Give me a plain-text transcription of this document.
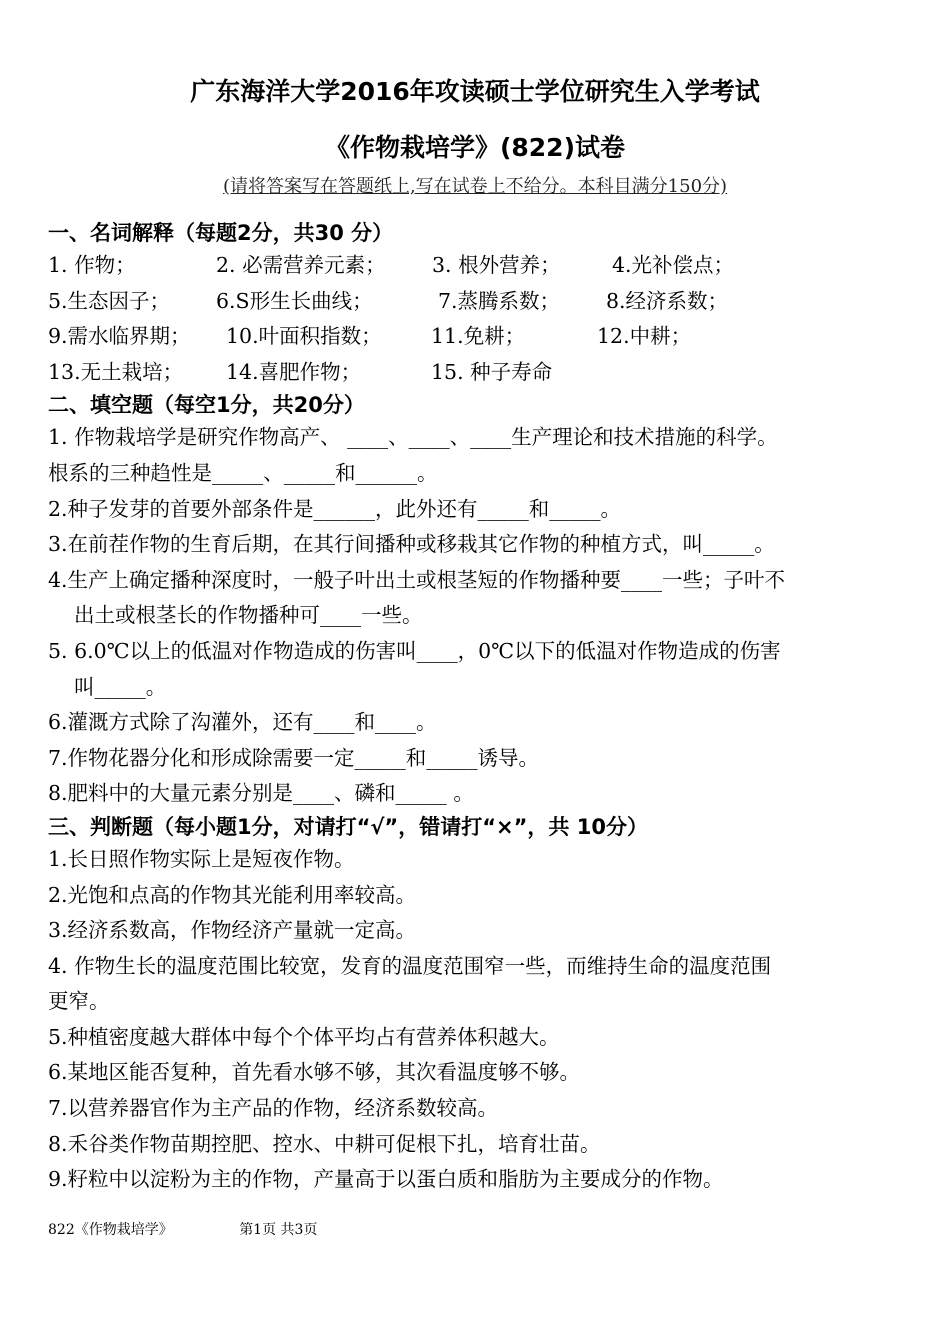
广东海洋大学2016年攻读硕士学位研究生入学考试
《作物栽培学》(822)试卷
(请将答案写在答题纸上,写在试卷上不给分。本科目满分150分)
一、名词解释（每题2分，共30 分）
1. 作物；	2. 必需营养元素；	3. 根外营养；	4.光补偿点；
5.生态因子；	6.S形生长曲线；	7.蒸腾系数；	8.经济系数；
9.需水临界期；	10.叶面积指数；	11.免耕；	12.中耕；
13.无土栽培；	14.喜肥作物；	15. 种子寿命
二、填空题（每空1分，共20分）
1. 作物栽培学是研究作物高产、 ____、____、____生产理论和技术措施的科学。
根系的三种趋性是_____、_____和______。
2.种子发芽的首要外部条件是______，此外还有_____和_____。
3.在前茬作物的生育后期，在其行间播种或移栽其它作物的种植方式，叫_____。
4.生产上确定播种深度时，一般子叶出土或根茎短的作物播种要____一些；子叶不
出土或根茎长的作物播种可____一些。
5. 6.0℃以上的低温对作物造成的伤害叫____，0℃以下的低温对作物造成的伤害
叫_____。
6.灌溉方式除了沟灌外，还有____和____。
7.作物花器分化和形成除需要一定_____和_____诱导。
8.肥料中的大量元素分别是____、磷和_____ 。
三、判断题（每小题1分，对请打“√”，错请打“×”，共 10分）
1.长日照作物实际上是短夜作物。
2.光饱和点高的作物其光能利用率较高。
3.经济系数高，作物经济产量就一定高。
4. 作物生长的温度范围比较宽，发育的温度范围窄一些，而维持生命的温度范围
更窄。
5.种植密度越大群体中每个个体平均占有营养体积越大。
6.某地区能否复种，首先看水够不够，其次看温度够不够。
7.以营养器官作为主产品的作物，经济系数较高。
8.禾谷类作物苗期控肥、控水、中耕可促根下扎，培育壮苗。
9.籽粒中以淀粉为主的作物，产量高于以蛋白质和脂肪为主要成分的作物。
822《作物栽培学》	第1页 共3页
